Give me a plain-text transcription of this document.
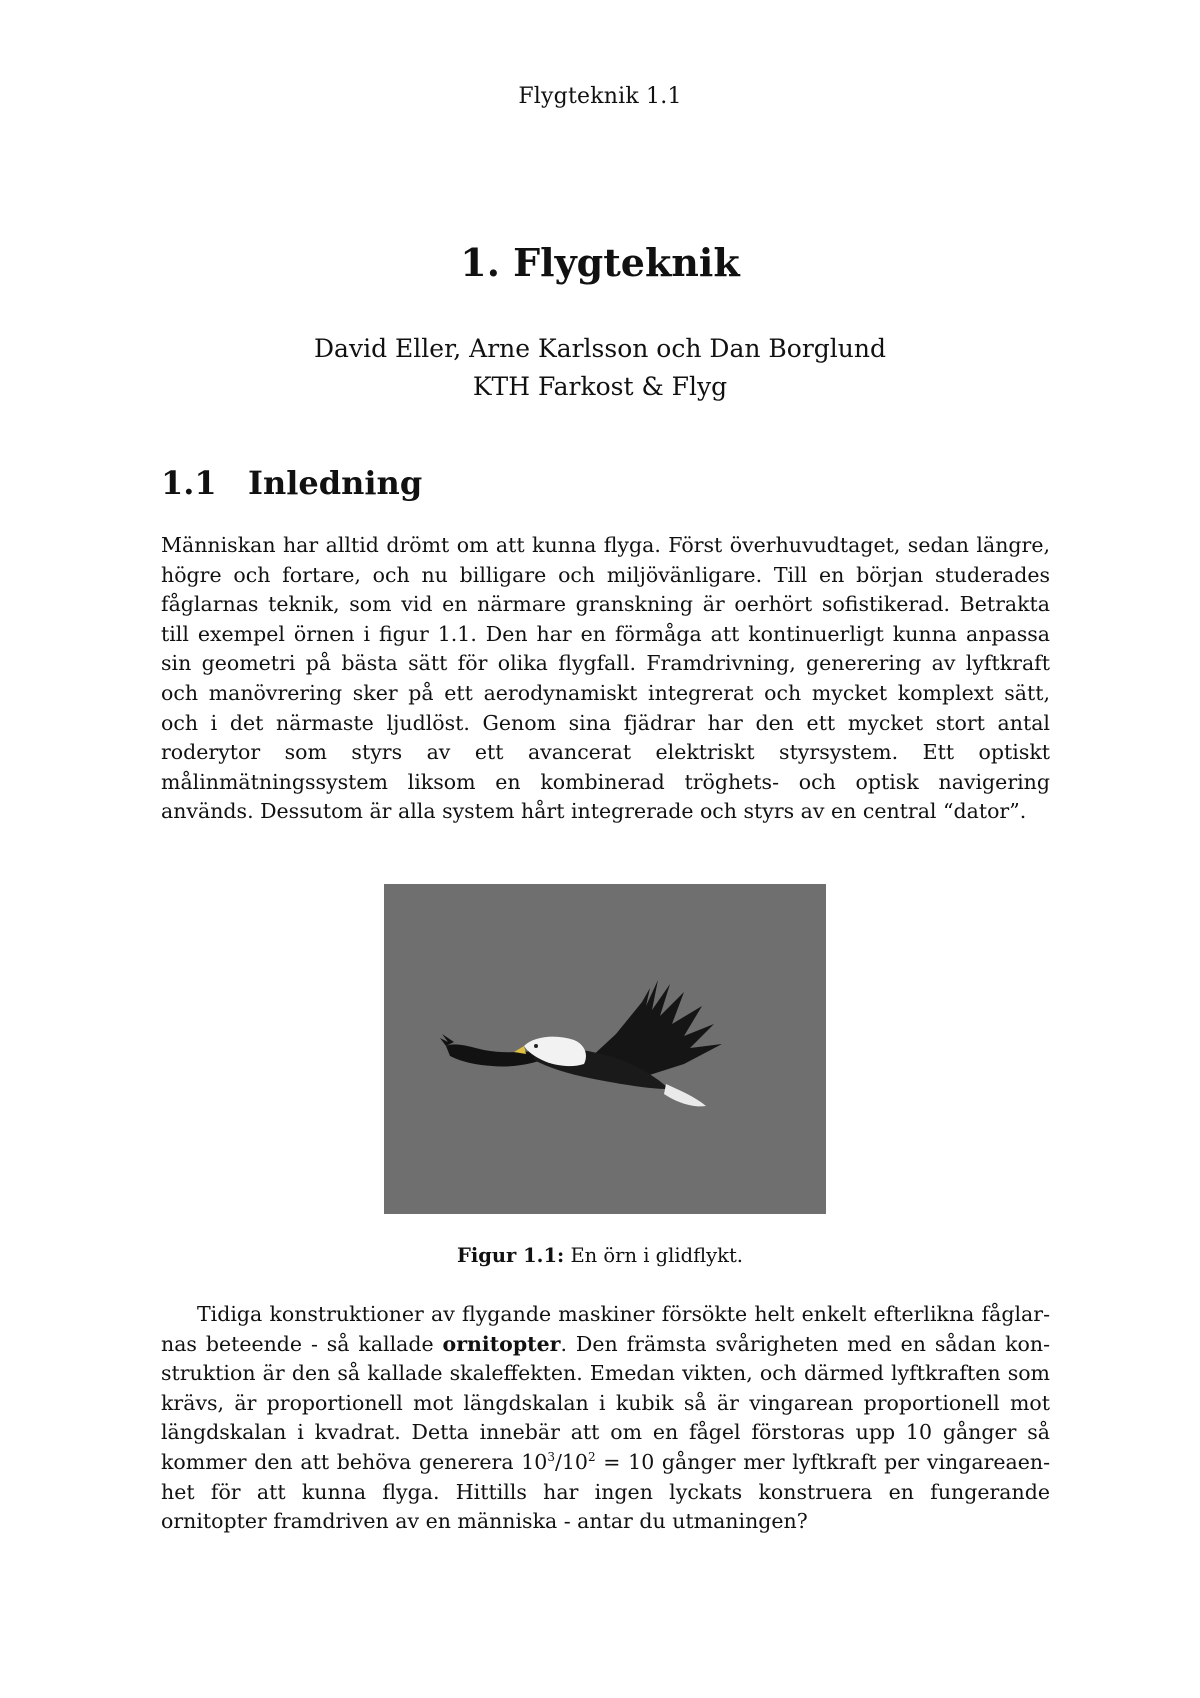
Flygteknik 1.1
1. Flygteknik
David Eller, Arne Karlsson och Dan Borglund
KTH Farkost & Flyg
1.1 Inledning

Människan har alltid drömt om att kunna flyga. Först överhuvudtaget, sedan längre, högre och fortare, och nu billigare och miljövänligare. Till en början studerades fåglarnas teknik, som vid en närmare granskning är oerhört sofistikerad. Betrakta till exempel örnen i figur 1.1. Den har en förmåga att kontinuerligt kunna anpassa sin geometri på bästa sätt för olika flygfall. Framdrivning, generering av lyftkraft och manövrering sker på ett aerodynamiskt integrerat och mycket komplext sätt, och i det närmaste ljudlöst. Genom sina fjädrar har den ett mycket stort antal roderytor som styrs av ett avancerat elektriskt styrsystem. Ett optiskt målinmätningssystem liksom en kombinerad tröghets- och optisk navigering används. Dessutom är alla system hårt integrerade och styrs av en central “dator”.

Figur 1.1: En örn i glidflykt.

Tidiga konstruktioner av flygande maskiner försökte helt enkelt efterlikna fåglarnas beteende - så kallade ornitopter. Den främsta svårigheten med en sådan konstruktion är den så kallade skaleffekten. Emedan vikten, och därmed lyftkraften som krävs, är proportionell mot längdskalan i kubik så är vingarean proportionell mot längdskalan i kvadrat. Detta innebär att om en fågel förstoras upp 10 gånger så kommer den att behöva generera $10^3/10^2 = 10$ gånger mer lyftkraft per vingareaenhet för att kunna flyga. Hittills har ingen lyckats konstruera en fungerande ornitopter framdriven av en människa - antar du utmaningen?
